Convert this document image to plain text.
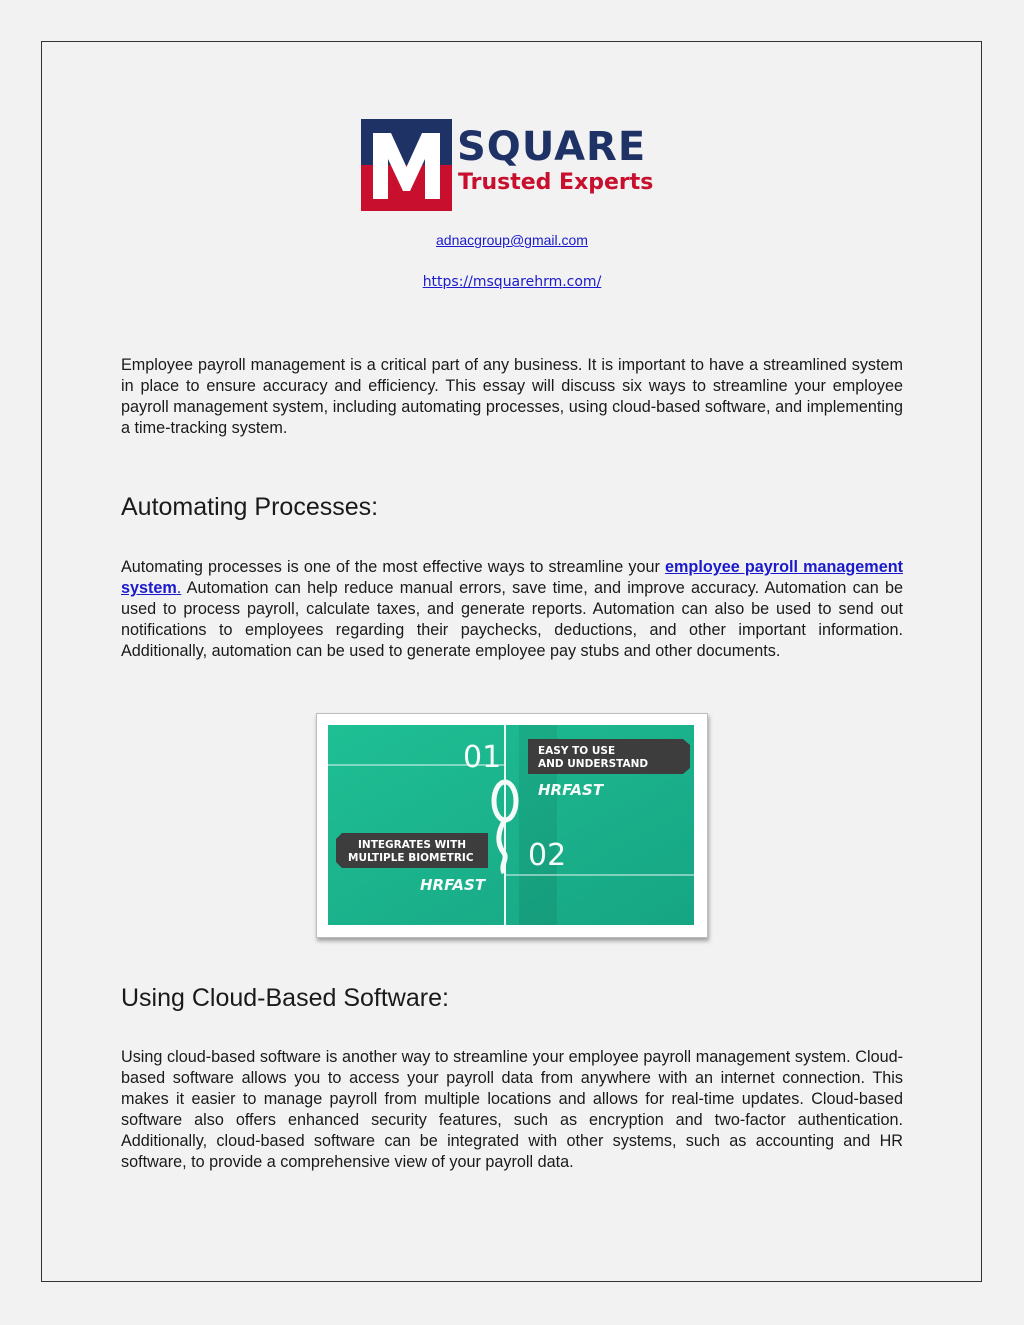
SQUARE
Trusted Experts
adnacgroup@gmail.com
https://msquarehrm.com/

Employee payroll management is a critical part of any business. It is important to have a streamlined system in place to ensure accuracy and efficiency. This essay will discuss six ways to streamline your employee payroll management system, including automating processes, using cloud-based software, and implementing a time-tracking system.

Automating Processes:

Automating processes is one of the most effective ways to streamline your employee payroll management system. Automation can help reduce manual errors, save time, and improve accuracy. Automation can be used to process payroll, calculate taxes, and generate reports. Automation can also be used to send out notifications to employees regarding their paychecks, deductions, and other important information. Additionally, automation can be used to generate employee pay stubs and other documents.

01	EASY TO USE
AND UNDERSTAND
HRFAST
INTEGRATES WITH
MULTIPLE BIOMETRIC
HRFAST
02
Using Cloud-Based Software:

Using cloud-based software is another way to streamline your employee payroll management system. Cloud-based software allows you to access your payroll data from anywhere with an internet connection. This makes it easier to manage payroll from multiple locations and allows for real-time updates. Cloud-based software also offers enhanced security features, such as encryption and two-factor authentication. Additionally, cloud-based software can be integrated with other systems, such as accounting and HR software, to provide a comprehensive view of your payroll data.
